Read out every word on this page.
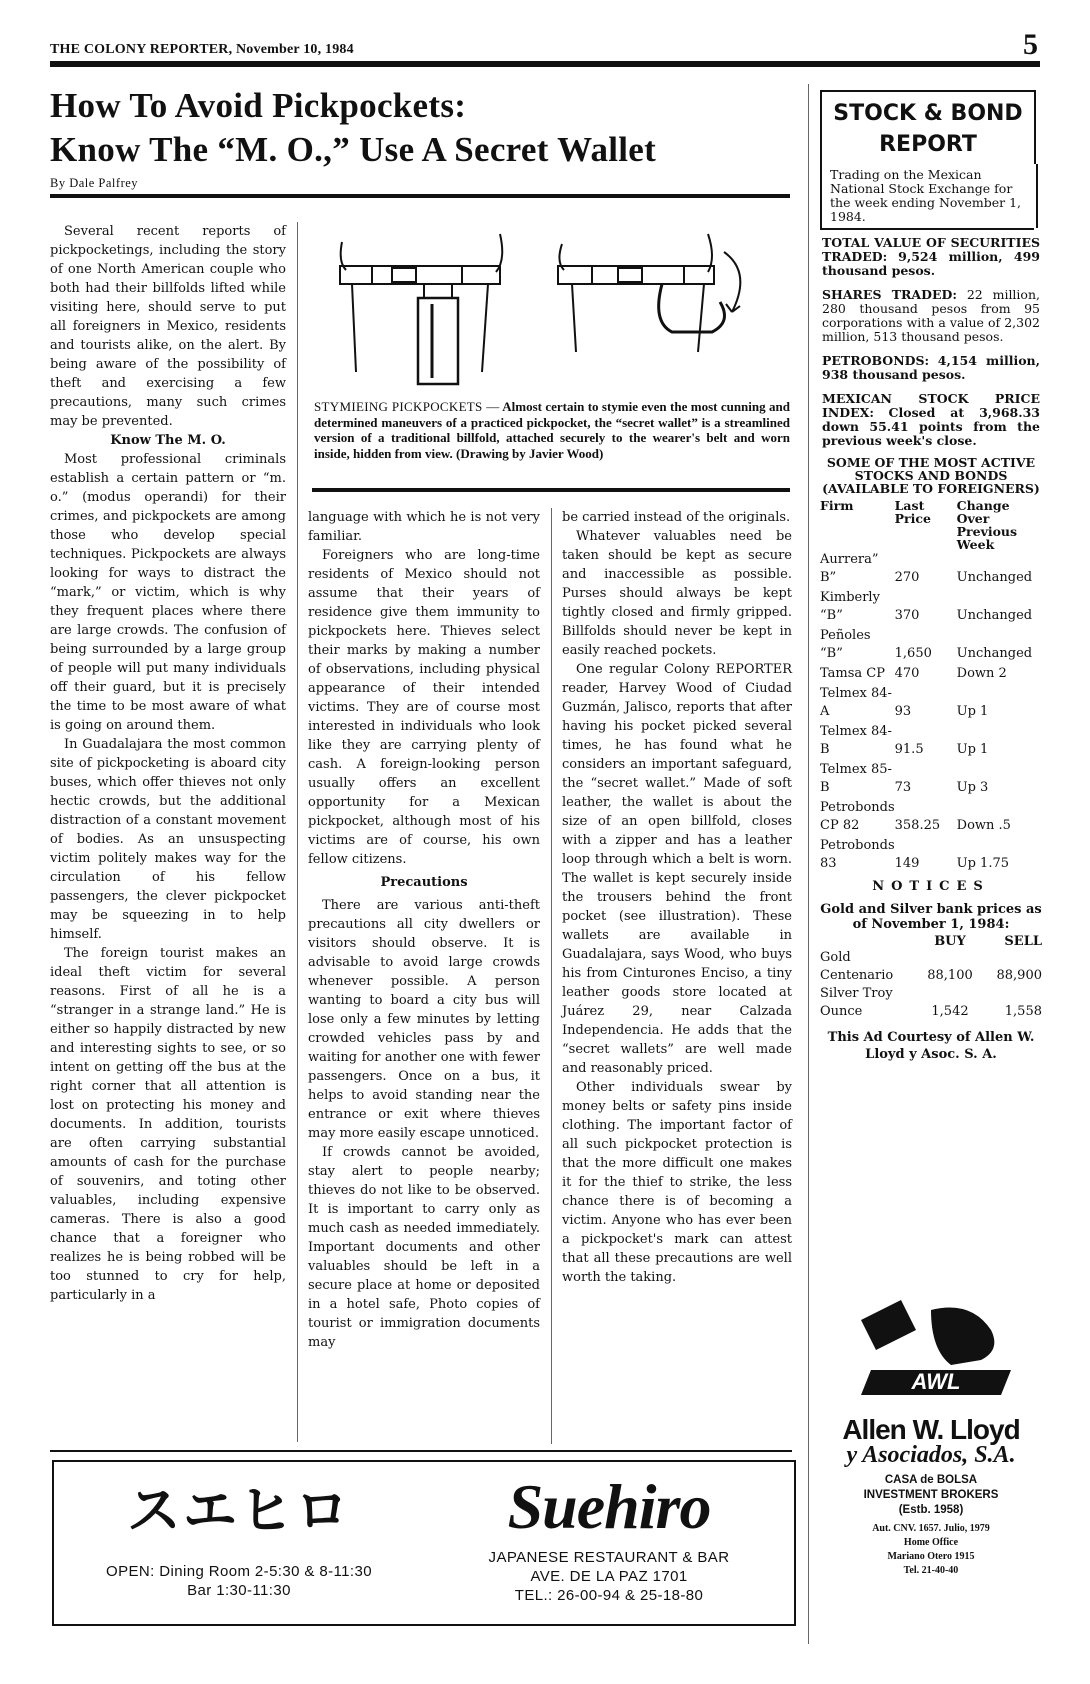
THE COLONY REPORTER, November 10, 1984	5
How To Avoid Pickpockets:
Know The “M. O.,” Use A Secret Wallet
By Dale Palfrey

Several recent reports of pickpocketings, including the story of one North American couple who both had their billfolds lifted while visiting here, should serve to put all foreigners in Mexico, residents and tourists alike, on the alert. By being aware of the possibility of theft and exercising a few precautions, many such crimes may be prevented.

Know The M. O.

Most professional criminals establish a certain pattern or “m. o.” (modus operandi) for their crimes, and pickpockets are among those who develop special techniques. Pickpockets are always looking for ways to distract the “mark,” or victim, which is why they frequent places where there are large crowds. The confusion of being surrounded by a large group of people will put many individuals off their guard, but it is precisely the time to be most aware of what is going on around them.

In Guadalajara the most common site of pickpocketing is aboard city buses, which offer thieves not only hectic crowds, but the additional distraction of a constant movement of bodies. As an unsuspecting victim politely makes way for the circulation of his fellow passengers, the clever pickpocket may be squeezing in to help himself.

The foreign tourist makes an ideal theft victim for several reasons. First of all he is a “stranger in a strange land.” He is either so happily distracted by new and interesting sights to see, or so intent on getting off the bus at the right corner that all attention is lost on protecting his money and documents. In addition, tourists are often carrying substantial amounts of cash for the purchase of souvenirs, and toting other valuables, including expensive cameras. There is also a good chance that a foreigner who realizes he is being robbed will be too stunned to cry for help, particularly in a

STYMIEING PICKPOCKETS — Almost certain to stymie even the most cunning and determined maneuvers of a practiced pickpocket, the “secret wallet” is a streamlined version of a traditional billfold, attached securely to the wearer's belt and worn inside, hidden from view. (Drawing by Javier Wood)

language with which he is not very familiar.

Foreigners who are long-time residents of Mexico should not assume that their years of residence give them immunity to pickpockets here. Thieves select their marks by making a number of observations, including physical appearance of their intended victims. They are of course most interested in individuals who look like they are carrying plenty of cash. A foreign-looking person usually offers an excellent opportunity for a Mexican pickpocket, although most of his victims are of course, his own fellow citizens.

Precautions

There are various anti-theft precautions all city dwellers or visitors should observe. It is advisable to avoid large crowds whenever possible. A person wanting to board a city bus will lose only a few minutes by letting crowded vehicles pass by and waiting for another one with fewer passengers. Once on a bus, it helps to avoid standing near the entrance or exit where thieves may more easily escape unnoticed.

If crowds cannot be avoided, stay alert to people nearby; thieves do not like to be observed. It is important to carry only as much cash as needed immediately. Important documents and other valuables should be left in a secure place at home or deposited in a hotel safe, Photo copies of tourist or immigration documents may

be carried instead of the originals.

Whatever valuables need be taken should be kept as secure and inaccessible as possible. Purses should always be kept tightly closed and firmly gripped. Billfolds should never be kept in easily reached pockets.

One regular Colony REPORTER reader, Harvey Wood of Ciudad Guzmán, Jalisco, reports that after having his pocket picked several times, he has found what he considers an important safeguard, the “secret wallet.” Made of soft leather, the wallet is about the size of an open billfold, closes with a zipper and has a leather loop through which a belt is worn. The wallet is kept securely inside the trousers behind the front pocket (see illustration). These wallets are available in Guadalajara, says Wood, who buys his from Cinturones Enciso, a tiny leather goods store located at Juárez 29, near Calzada Independencia. He adds that the “secret wallets” are well made and reasonably priced.

Other individuals swear by money belts or safety pins inside clothing. The important factor of all such pickpocket protection is that the more difficult one makes it for the thief to strike, the less chance there is of becoming a victim. Anyone who has ever been a pickpocket's mark can attest that all these precautions are well worth the taking.

STOCK & BOND
REPORT
Trading on the Mexican National Stock Exchange for the week ending November 1, 1984.

TOTAL VALUE OF SECURITIES TRADED: 9,524 million, 499 thousand pesos.

SHARES TRADED: 22 million, 280 thousand pesos from 95 corporations with a value of 2,302 million, 513 thousand pesos.

PETROBONDS: 4,154 million, 938 thousand pesos.

MEXICAN STOCK PRICE INDEX: Closed at 3,968.33 down 55.41 points from the previous week's close.

SOME OF THE MOST ACTIVE STOCKS AND BONDS (AVAILABLE TO FOREIGNERS)
Firm	Last Price	Change Over Previous Week
Aurrera” B”	270	Unchanged
Kimberly “B”	370	Unchanged
Peñoles “B”	1,650	Unchanged
Tamsa CP	470	Down 2
Telmex 84-A	93	Up 1
Telmex 84-B	91.5	Up 1
Telmex 85-B	73	Up 3
Petrobonds CP 82	358.25	Down .5
Petrobonds 83	149	Up 1.75
NOTICES
Gold and Silver bank prices as of November 1, 1984:
	BUY	SELL
Gold Centenario	88,100	88,900
Silver Troy Ounce	1,542	1,558
This Ad Courtesy of Allen W. Lloyd y Asoc. S. A.
AWL
Allen W. Lloyd
y Asociados, S.A.
CASA de BOLSA
INVESTMENT BROKERS
(Estb. 1958)
Aut. CNV. 1657. Julio, 1979
Home Office
Mariano Otero 1915
Tel. 21-40-40
スエヒロ
OPEN: Dining Room 2-5:30 & 8-11:30
Bar 1:30-11:30
Suehiro
JAPANESE RESTAURANT & BAR
AVE. DE LA PAZ 1701
TEL.: 26-00-94 & 25-18-80
